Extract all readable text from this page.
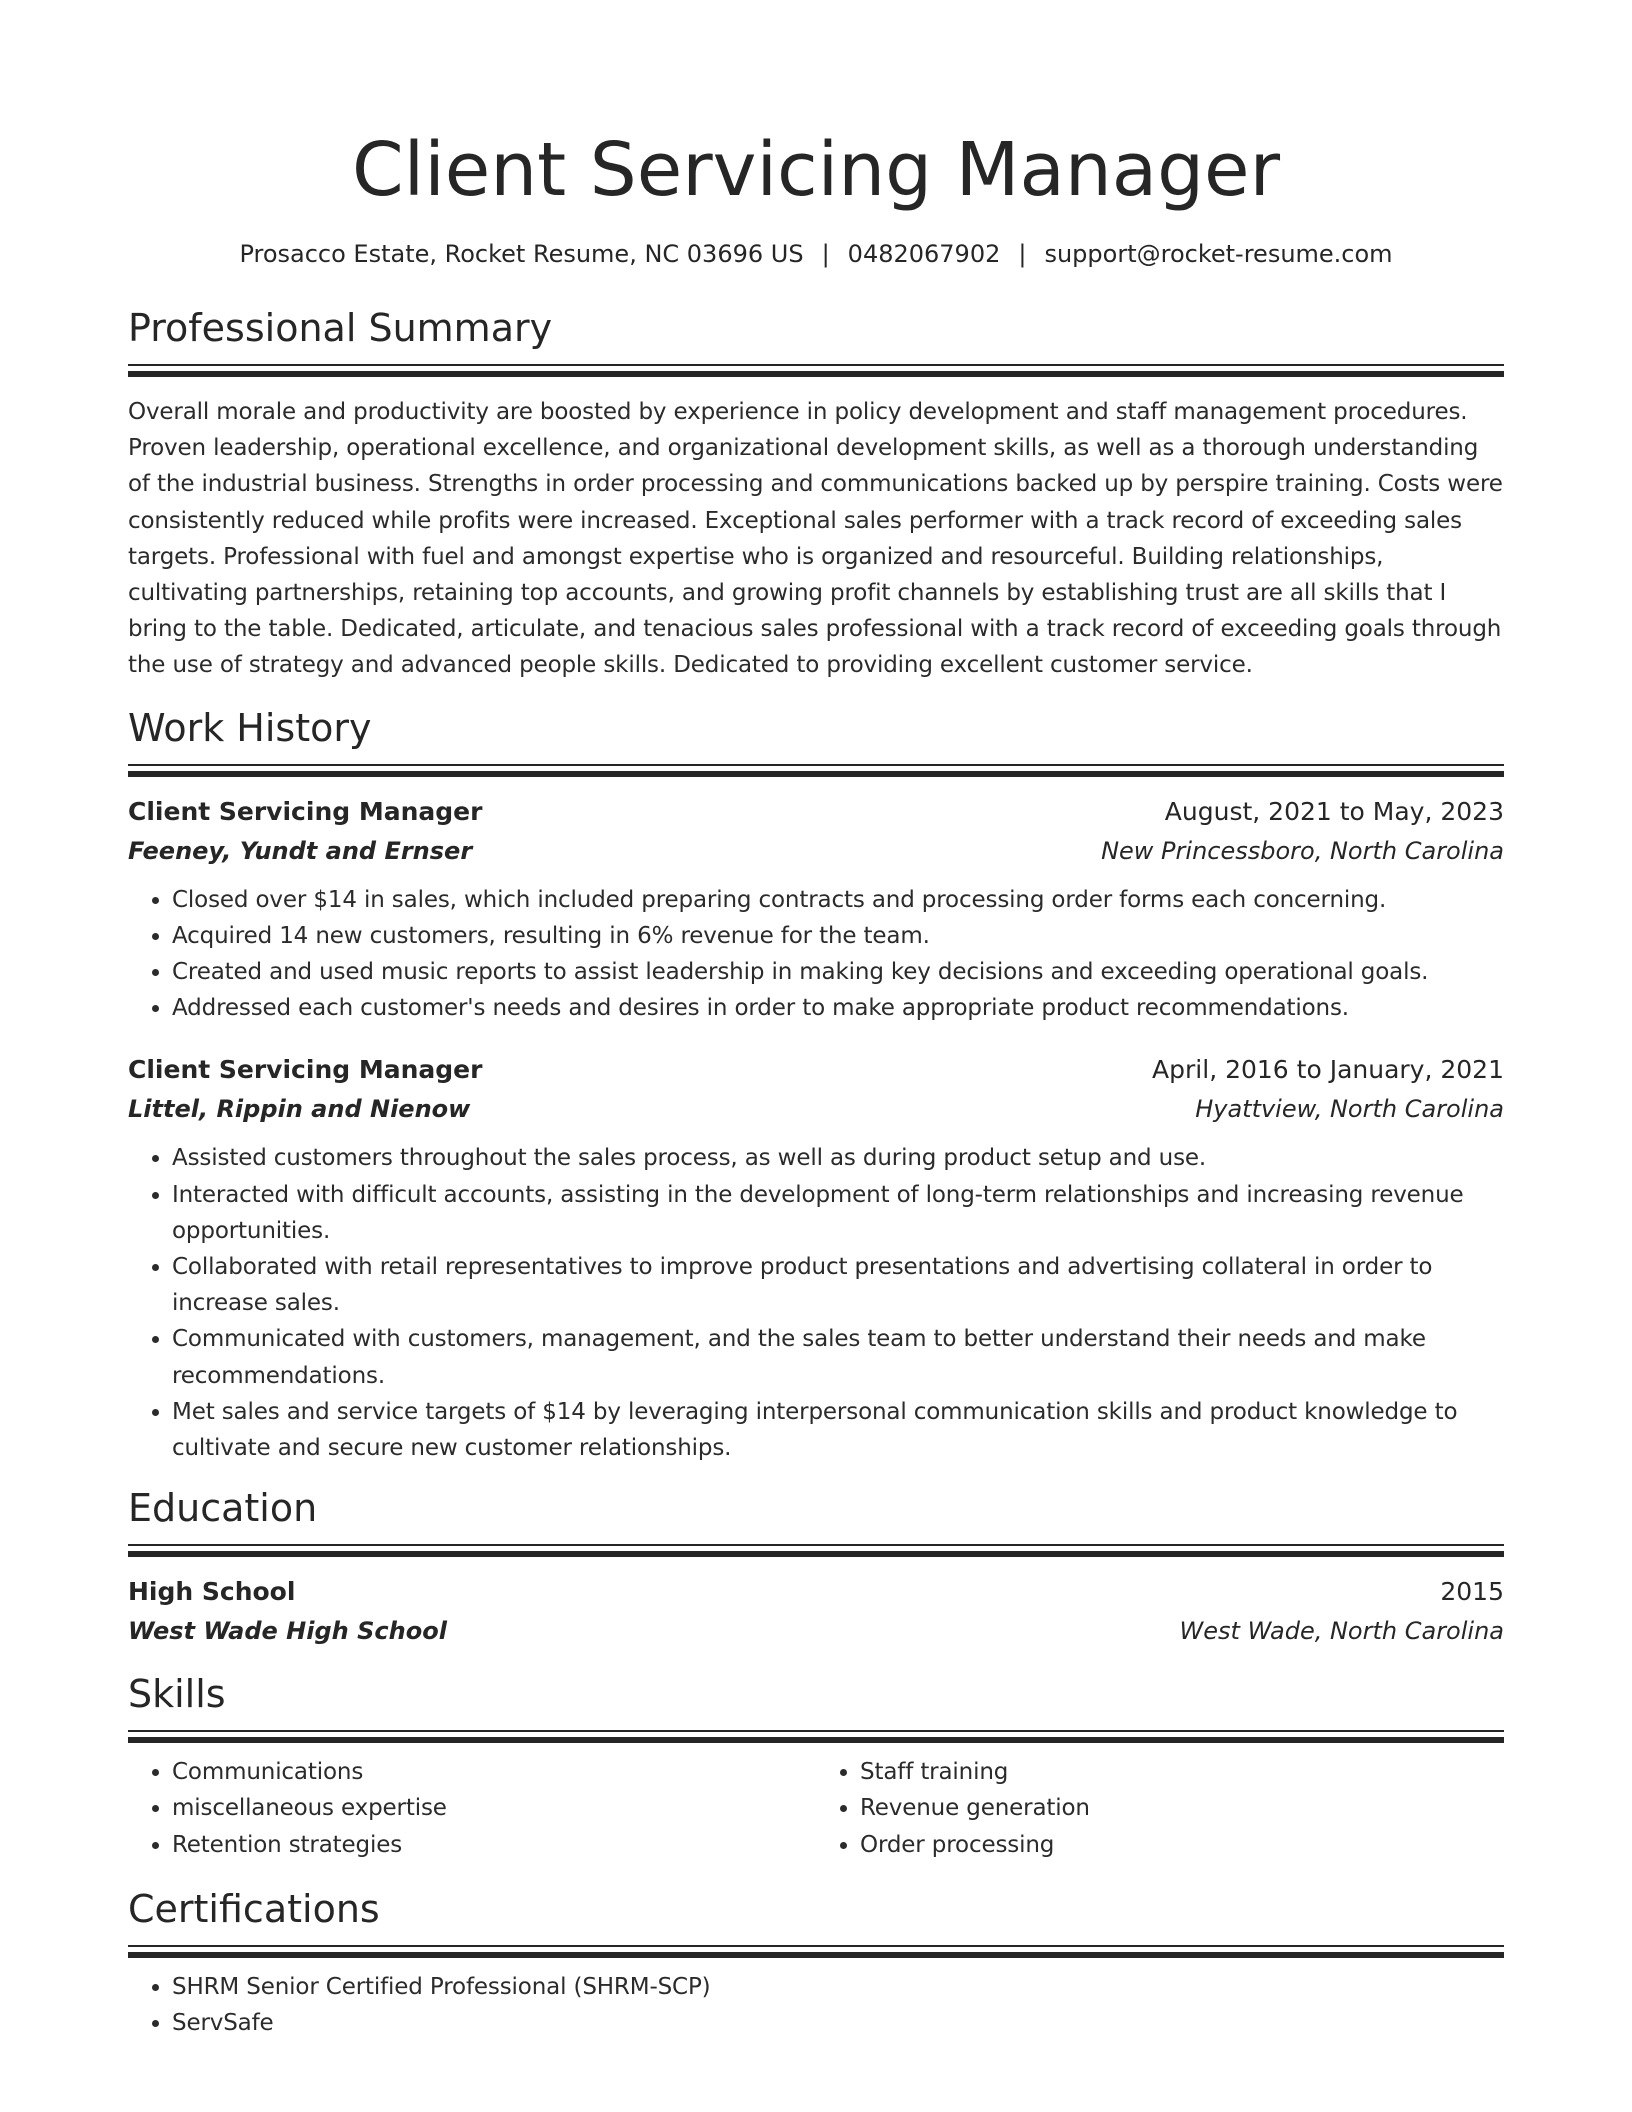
Client Servicing Manager
Prosacco Estate, Rocket Resume, NC 03696 US | 0482067902 | support@rocket-resume.com
Professional Summary
Overall morale and productivity are boosted by experience in policy development and staff management procedures. Proven leadership, operational excellence, and organizational development skills, as well as a thorough understanding of the industrial business. Strengths in order processing and communications backed up by perspire training. Costs were consistently reduced while profits were increased. Exceptional sales performer with a track record of exceeding sales targets. Professional with fuel and amongst expertise who is organized and resourceful. Building relationships, cultivating partnerships, retaining top accounts, and growing profit channels by establishing trust are all skills that I bring to the table. Dedicated, articulate, and tenacious sales professional with a track record of exceeding goals through the use of strategy and advanced people skills. Dedicated to providing excellent customer service.
Work History
Client Servicing Manager	August, 2021 to May, 2023
Feeney, Yundt and Ernser	New Princessboro, North Carolina
• Closed over $14 in sales, which included preparing contracts and processing order forms each concerning.
• Acquired 14 new customers, resulting in 6% revenue for the team.
• Created and used music reports to assist leadership in making key decisions and exceeding operational goals.
• Addressed each customer's needs and desires in order to make appropriate product recommendations.
Client Servicing Manager	April, 2016 to January, 2021
Littel, Rippin and Nienow	Hyattview, North Carolina
• Assisted customers throughout the sales process, as well as during product setup and use.
• Interacted with difficult accounts, assisting in the development of long-term relationships and increasing revenue opportunities.
• Collaborated with retail representatives to improve product presentations and advertising collateral in order to increase sales.
• Communicated with customers, management, and the sales team to better understand their needs and make recommendations.
• Met sales and service targets of $14 by leveraging interpersonal communication skills and product knowledge to cultivate and secure new customer relationships.
Education
High School	2015
West Wade High School	West Wade, North Carolina
Skills
• Communications
• miscellaneous expertise
• Retention strategies
• Staff training
• Revenue generation
• Order processing
Certifications
• SHRM Senior Certified Professional (SHRM-SCP)
• ServSafe
